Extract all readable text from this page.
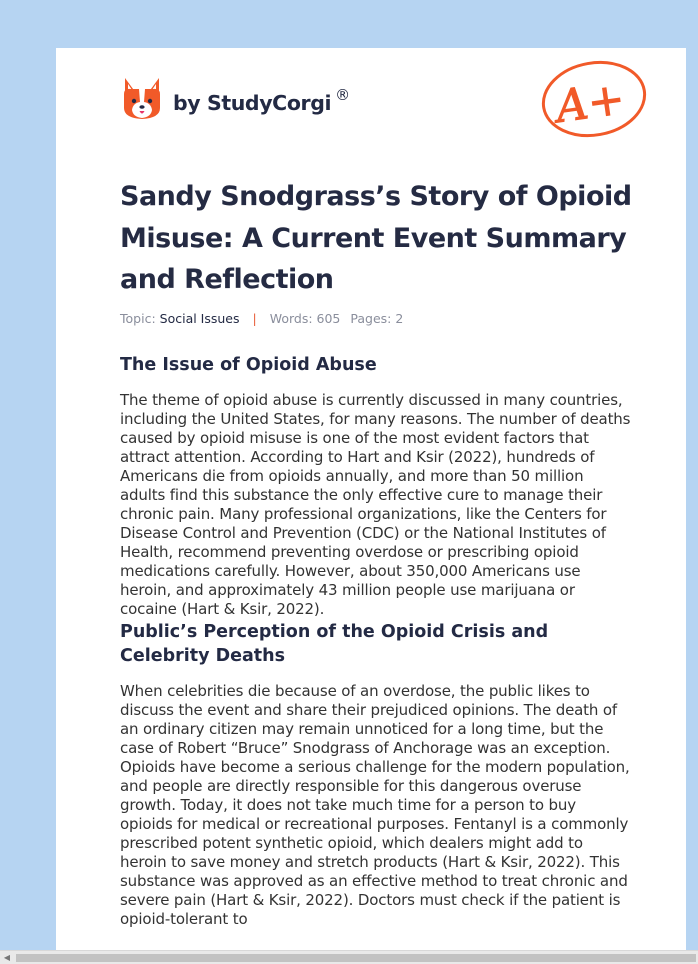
by StudyCorgi ®	A+
Sandy Snodgrass’s Story of Opioid Misuse: A Current Event Summary and Reflection
Topic: Social Issues | Words: 605 Pages: 2
The Issue of Opioid Abuse

The theme of opioid abuse is currently discussed in many countries, including the United States, for many reasons. The number of deaths caused by opioid misuse is one of the most evident factors that attract attention. According to Hart and Ksir (2022), hundreds of Americans die from opioids annually, and more than 50 million adults find this substance the only effective cure to manage their chronic pain. Many professional organizations, like the Centers for Disease Control and Prevention (CDC) or the National Institutes of Health, recommend preventing overdose or prescribing opioid medications carefully. However, about 350,000 Americans use heroin, and approximately 43 million people use marijuana or cocaine (Hart & Ksir, 2022).

Public’s Perception of the Opioid Crisis and Celebrity Deaths

When celebrities die because of an overdose, the public likes to discuss the event and share their prejudiced opinions. The death of an ordinary citizen may remain unnoticed for a long time, but the case of Robert “Bruce” Snodgrass of Anchorage was an exception. Opioids have become a serious challenge for the modern population, and people are directly responsible for this dangerous overuse growth. Today, it does not take much time for a person to buy opioids for medical or recreational purposes. Fentanyl is a commonly prescribed potent synthetic opioid, which dealers might add to heroin to save money and stretch products (Hart & Ksir, 2022). This substance was approved as an effective method to treat chronic and severe pain (Hart & Ksir, 2022). Doctors must check if the patient is opioid-tolerant to

◀
